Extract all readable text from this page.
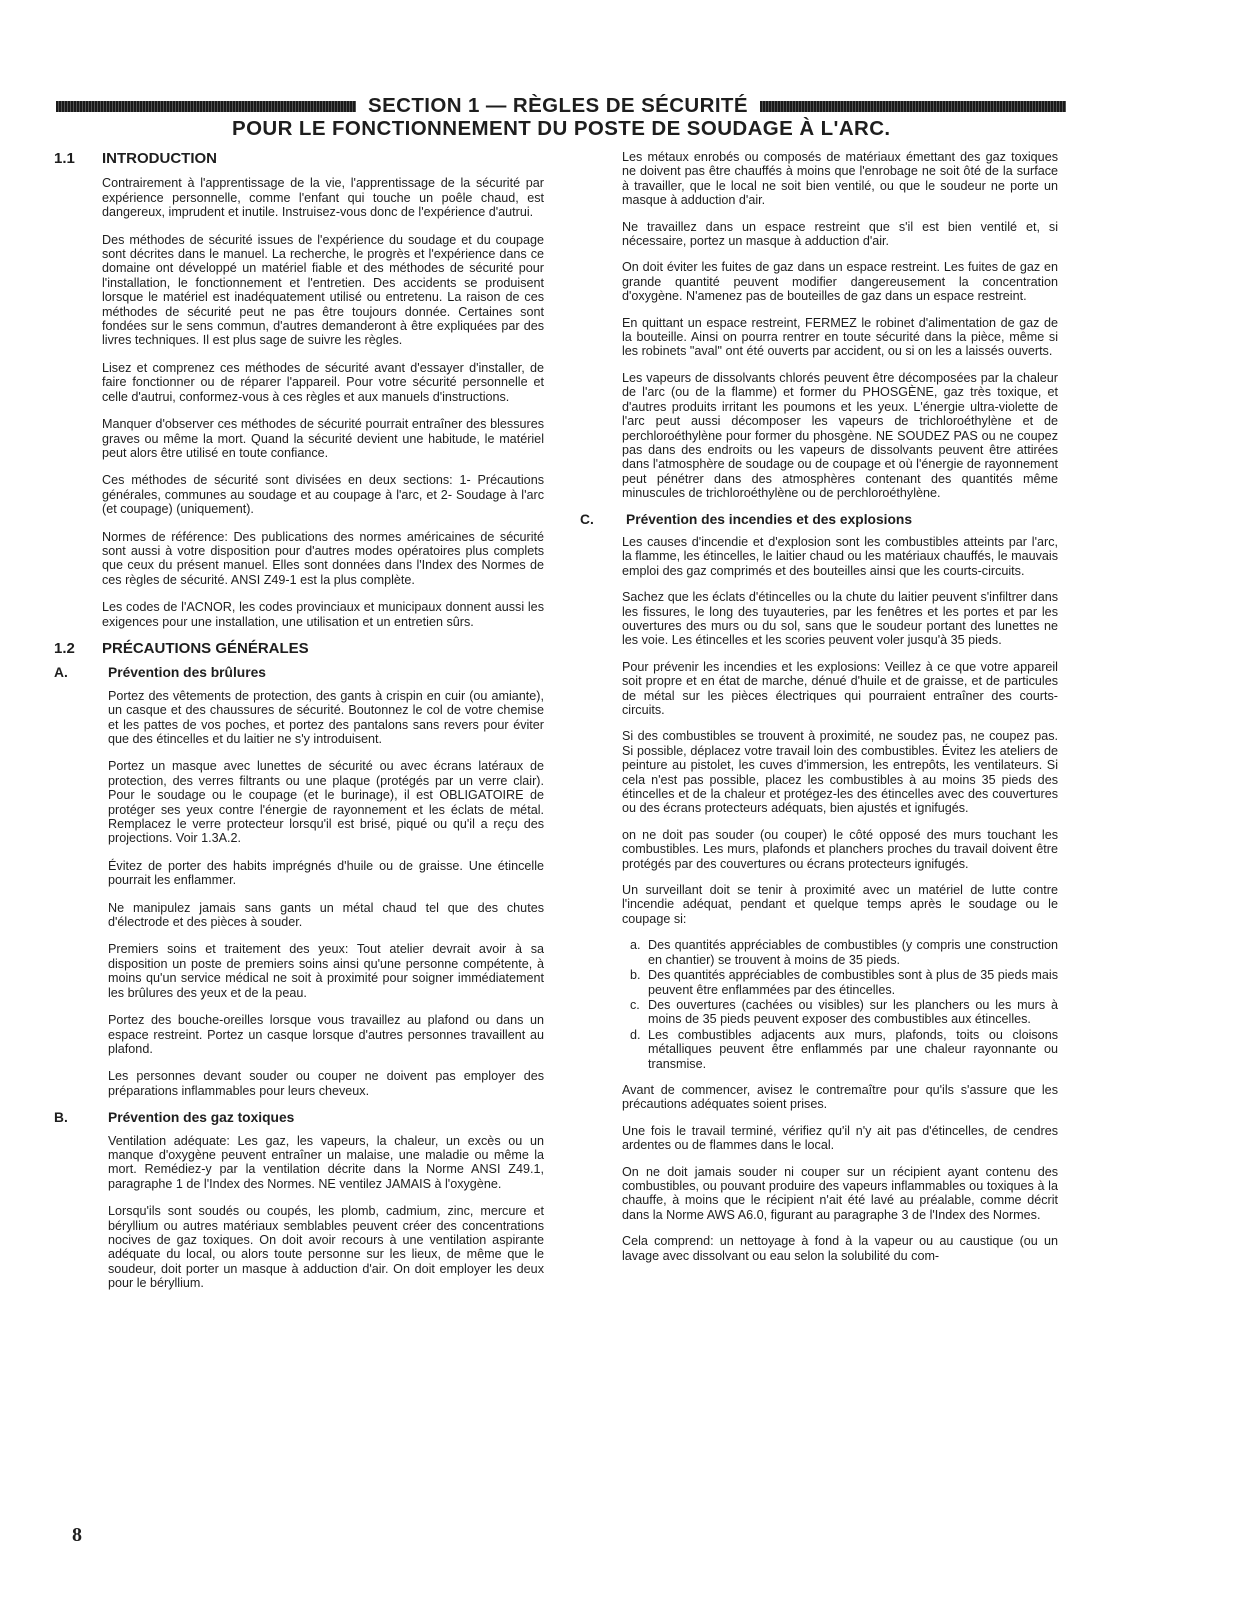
SECTION 1 — RÈGLES DE SÉCURITÉ
POUR LE FONCTIONNEMENT DU POSTE DE SOUDAGE À L'ARC.
1.1	INTRODUCTION

Contrairement à l'apprentissage de la vie, l'apprentissage de la sécurité par expérience personnelle, comme l'enfant qui touche un poêle chaud, est dangereux, imprudent et inutile. Instruisez-vous donc de l'expérience d'autrui.

Des méthodes de sécurité issues de l'expérience du soudage et du coupage sont décrites dans le manuel. La recherche, le progrès et l'expérience dans ce domaine ont développé un matériel fiable et des méthodes de sécurité pour l'installation, le fonctionnement et l'entretien. Des accidents se produisent lorsque le matériel est inadéquatement utilisé ou entretenu. La raison de ces méthodes de sécurité peut ne pas être toujours donnée. Certaines sont fondées sur le sens commun, d'autres demanderont à être expliquées par des livres techniques. Il est plus sage de suivre les règles.

Lisez et comprenez ces méthodes de sécurité avant d'essayer d'installer, de faire fonctionner ou de réparer l'appareil. Pour votre sécurité personnelle et celle d'autrui, conformez-vous à ces règles et aux manuels d'instructions.

Manquer d'observer ces méthodes de sécurité pourrait entraîner des blessures graves ou même la mort. Quand la sécurité devient une habitude, le matériel peut alors être utilisé en toute confiance.

Ces méthodes de sécurité sont divisées en deux sections: 1- Précautions générales, communes au soudage et au coupage à l'arc, et 2- Soudage à l'arc (et coupage) (uniquement).

Normes de référence: Des publications des normes américaines de sécurité sont aussi à votre disposition pour d'autres modes opératoires plus complets que ceux du présent manuel. Elles sont données dans l'Index des Normes de ces règles de sécurité. ANSI Z49-1 est la plus complète.

Les codes de l'ACNOR, les codes provinciaux et municipaux donnent aussi les exigences pour une installation, une utilisation et un entretien sûrs.

1.2	PRÉCAUTIONS GÉNÉRALES
A.	Prévention des brûlures

Portez des vêtements de protection, des gants à crispin en cuir (ou amiante), un casque et des chaussures de sécurité. Boutonnez le col de votre chemise et les pattes de vos poches, et portez des pantalons sans revers pour éviter que des étincelles et du laitier ne s'y introduisent.

Portez un masque avec lunettes de sécurité ou avec écrans latéraux de protection, des verres filtrants ou une plaque (protégés par un verre clair). Pour le soudage ou le coupage (et le burinage), il est OBLIGATOIRE de protéger ses yeux contre l'énergie de rayonnement et les éclats de métal. Remplacez le verre protecteur lorsqu'il est brisé, piqué ou qu'il a reçu des projections. Voir 1.3A.2.

Évitez de porter des habits imprégnés d'huile ou de graisse. Une étincelle pourrait les enflammer.

Ne manipulez jamais sans gants un métal chaud tel que des chutes d'électrode et des pièces à souder.

Premiers soins et traitement des yeux: Tout atelier devrait avoir à sa disposition un poste de premiers soins ainsi qu'une personne compétente, à moins qu'un service médical ne soit à proximité pour soigner immédiatement les brûlures des yeux et de la peau.

Portez des bouche-oreilles lorsque vous travaillez au plafond ou dans un espace restreint. Portez un casque lorsque d'autres personnes travaillent au plafond.

Les personnes devant souder ou couper ne doivent pas employer des préparations inflammables pour leurs cheveux.

B.	Prévention des gaz toxiques

Ventilation adéquate: Les gaz, les vapeurs, la chaleur, un excès ou un manque d'oxygène peuvent entraîner un malaise, une maladie ou même la mort. Remédiez-y par la ventilation décrite dans la Norme ANSI Z49.1, paragraphe 1 de l'Index des Normes. NE ventilez JAMAIS à l'oxygène.

Lorsqu'ils sont soudés ou coupés, les plomb, cadmium, zinc, mercure et béryllium ou autres matériaux semblables peuvent créer des concentrations nocives de gaz toxiques. On doit avoir recours à une ventilation aspirante adéquate du local, ou alors toute personne sur les lieux, de même que le soudeur, doit porter un masque à adduction d'air. On doit employer les deux pour le béryllium.

Les métaux enrobés ou composés de matériaux émettant des gaz toxiques ne doivent pas être chauffés à moins que l'enrobage ne soit ôté de la surface à travailler, que le local ne soit bien ventilé, ou que le soudeur ne porte un masque à adduction d'air.

Ne travaillez dans un espace restreint que s'il est bien ventilé et, si nécessaire, portez un masque à adduction d'air.

On doit éviter les fuites de gaz dans un espace restreint. Les fuites de gaz en grande quantité peuvent modifier dangereusement la concentration d'oxygène. N'amenez pas de bouteilles de gaz dans un espace restreint.

En quittant un espace restreint, FERMEZ le robinet d'alimentation de gaz de la bouteille. Ainsi on pourra rentrer en toute sécurité dans la pièce, même si les robinets "aval" ont été ouverts par accident, ou si on les a laissés ouverts.

Les vapeurs de dissolvants chlorés peuvent être décomposées par la chaleur de l'arc (ou de la flamme) et former du PHOSGÈNE, gaz très toxique, et d'autres produits irritant les poumons et les yeux. L'énergie ultra-violette de l'arc peut aussi décomposer les vapeurs de trichloroéthylène et de perchloroéthylène pour former du phosgène. NE SOUDEZ PAS ou ne coupez pas dans des endroits ou les vapeurs de dissolvants peuvent être attirées dans l'atmosphère de soudage ou de coupage et où l'énergie de rayonnement peut pénétrer dans des atmosphères contenant des quantités même minuscules de trichloroéthylène ou de perchloroéthylène.

C.	Prévention des incendies et des explosions

Les causes d'incendie et d'explosion sont les combustibles atteints par l'arc, la flamme, les étincelles, le laitier chaud ou les matériaux chauffés, le mauvais emploi des gaz comprimés et des bouteilles ainsi que les courts-circuits.

Sachez que les éclats d'étincelles ou la chute du laitier peuvent s'infiltrer dans les fissures, le long des tuyauteries, par les fenêtres et les portes et par les ouvertures des murs ou du sol, sans que le soudeur portant des lunettes ne les voie. Les étincelles et les scories peuvent voler jusqu'à 35 pieds.

Pour prévenir les incendies et les explosions: Veillez à ce que votre appareil soit propre et en état de marche, dénué d'huile et de graisse, et de particules de métal sur les pièces électriques qui pourraient entraîner des courts-circuits.

Si des combustibles se trouvent à proximité, ne soudez pas, ne coupez pas. Si possible, déplacez votre travail loin des combustibles. Évitez les ateliers de peinture au pistolet, les cuves d'immersion, les entrepôts, les ventilateurs. Si cela n'est pas possible, placez les combustibles à au moins 35 pieds des étincelles et de la chaleur et protégez-les des étincelles avec des couvertures ou des écrans protecteurs adéquats, bien ajustés et ignifugés.

on ne doit pas souder (ou couper) le côté opposé des murs touchant les combustibles. Les murs, plafonds et planchers proches du travail doivent être protégés par des couvertures ou écrans protecteurs ignifugés.

Un surveillant doit se tenir à proximité avec un matériel de lutte contre l'incendie adéquat, pendant et quelque temps après le soudage ou le coupage si:

a. Des quantités appréciables de combustibles (y compris une construction en chantier) se trouvent à moins de 35 pieds.
b. Des quantités appréciables de combustibles sont à plus de 35 pieds mais peuvent être enflammées par des étincelles.
c. Des ouvertures (cachées ou visibles) sur les planchers ou les murs à moins de 35 pieds peuvent exposer des combustibles aux étincelles.
d. Les combustibles adjacents aux murs, plafonds, toits ou cloisons métalliques peuvent être enflammés par une chaleur rayonnante ou transmise.

Avant de commencer, avisez le contremaître pour qu'ils s'assure que les précautions adéquates soient prises.

Une fois le travail terminé, vérifiez qu'il n'y ait pas d'étincelles, de cendres ardentes ou de flammes dans le local.

On ne doit jamais souder ni couper sur un récipient ayant contenu des combustibles, ou pouvant produire des vapeurs inflammables ou toxiques à la chauffe, à moins que le récipient n'ait été lavé au préalable, comme décrit dans la Norme AWS A6.0, figurant au paragraphe 3 de l'Index des Normes.

Cela comprend: un nettoyage à fond à la vapeur ou au caustique (ou un lavage avec dissolvant ou eau selon la solubilité du com-

8
